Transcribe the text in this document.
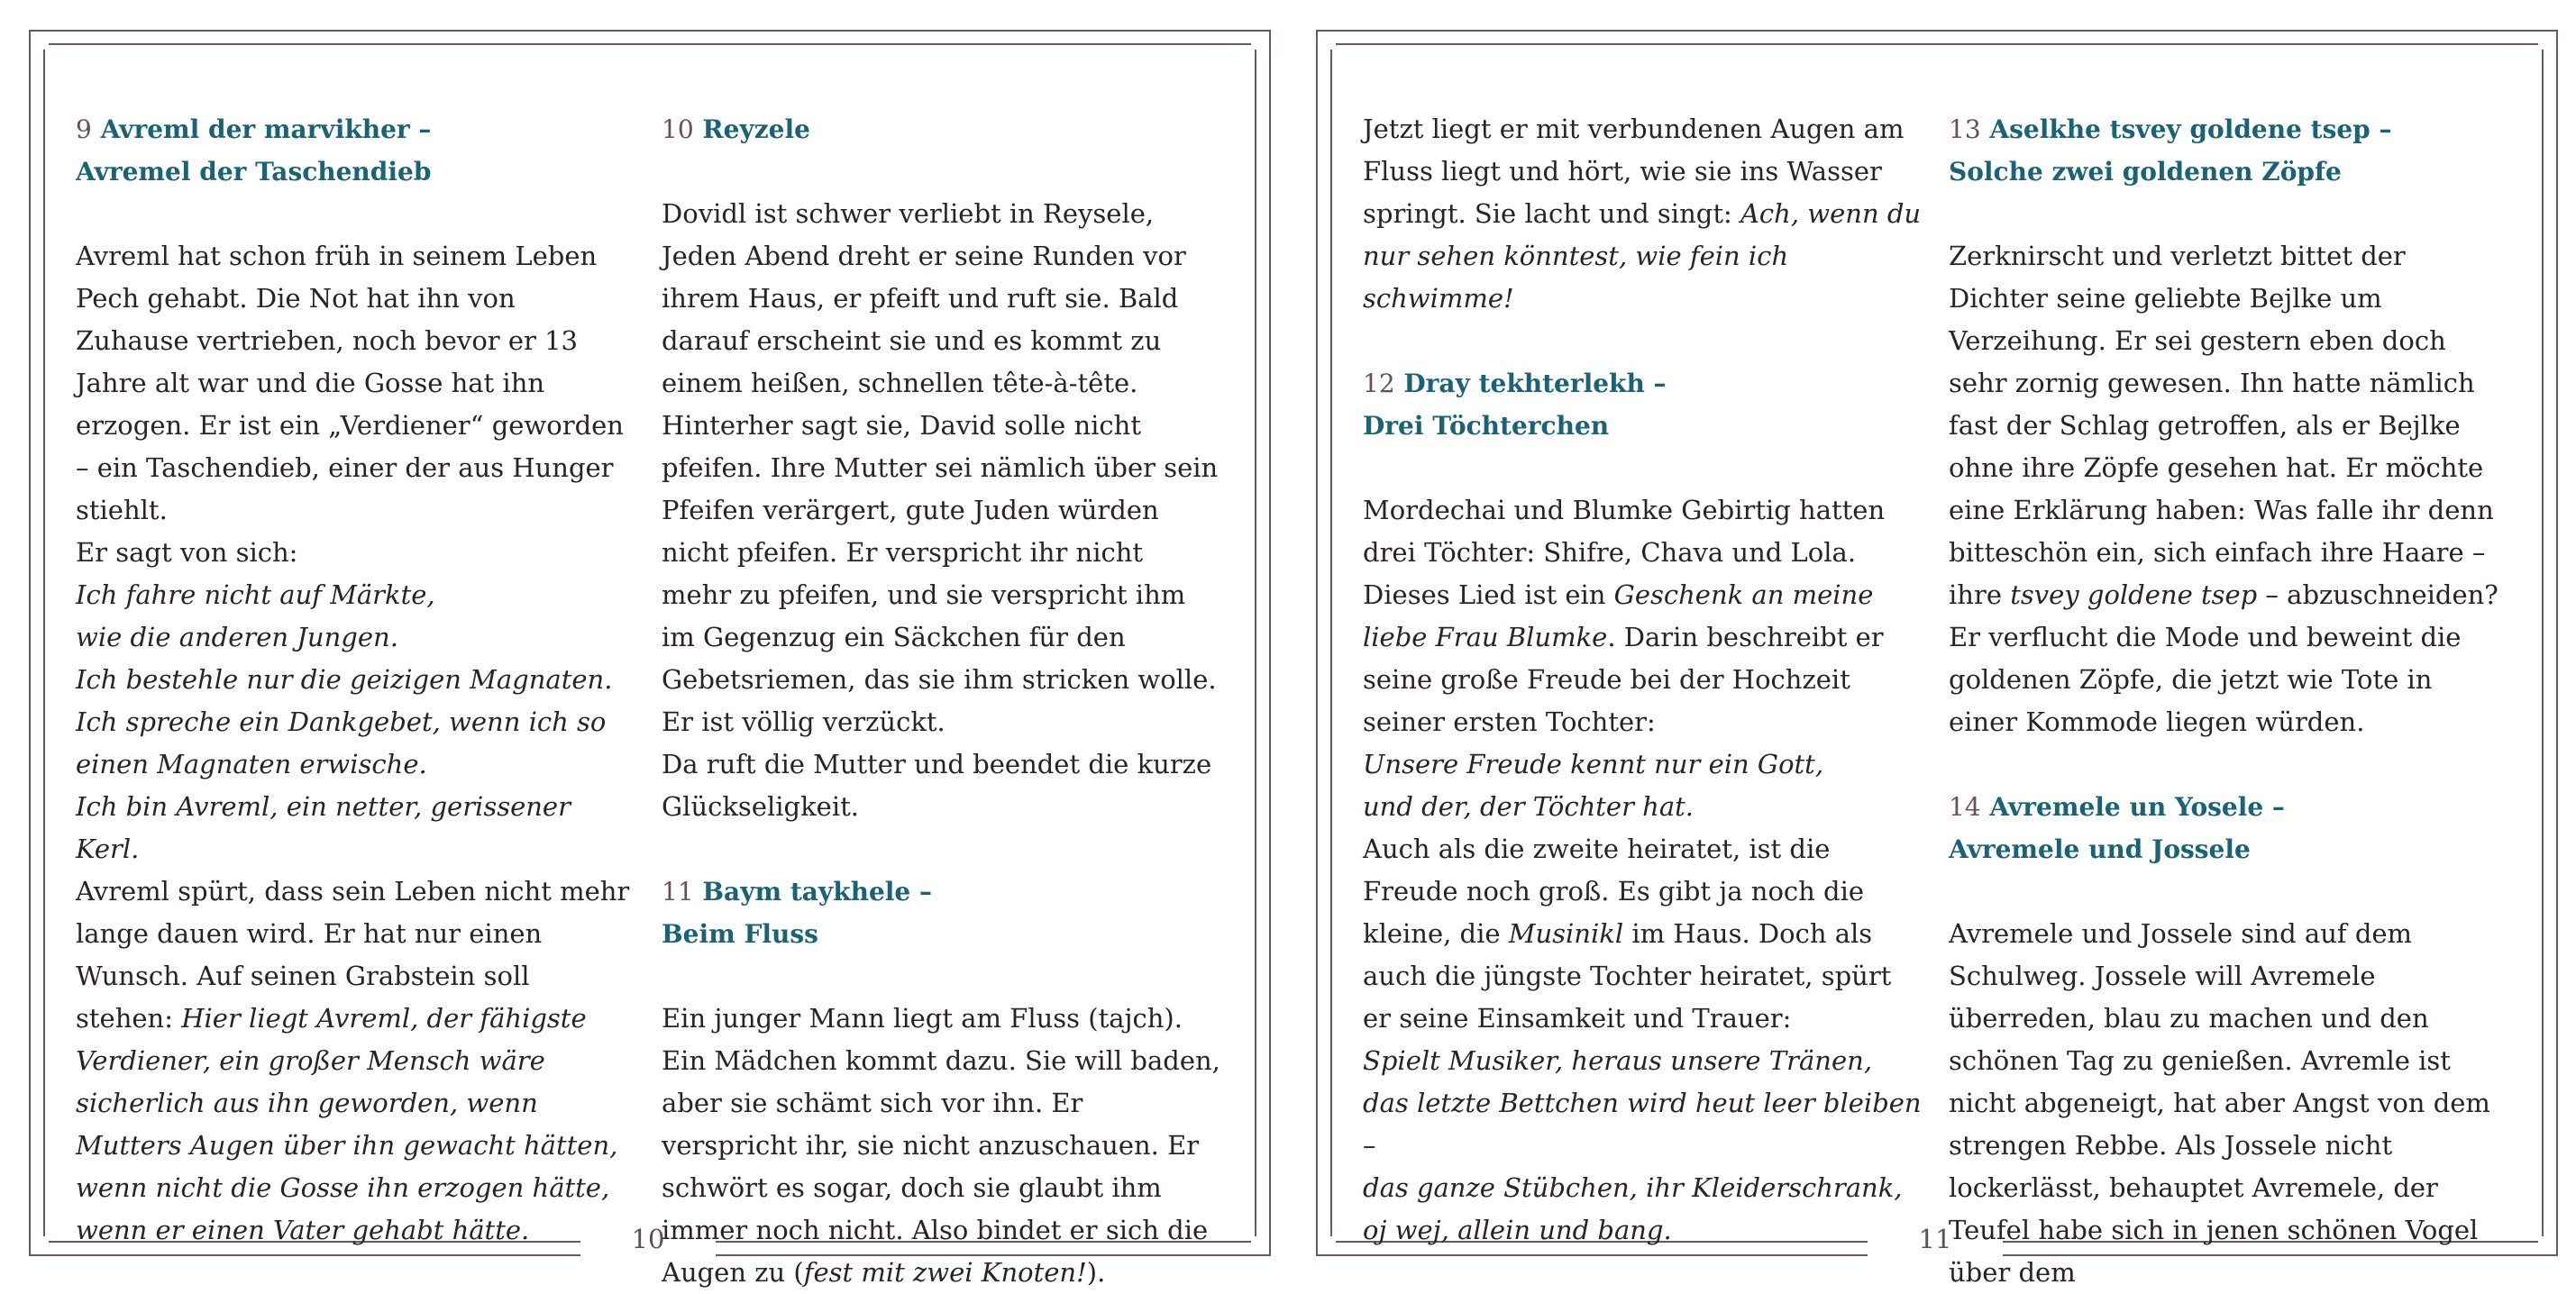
10

9 Avreml der marvikher –

Avremel der Taschendieb

Avreml hat schon früh in seinem Leben Pech gehabt. Die Not hat ihn von Zuhause vertrieben, noch bevor er 13 Jahre alt war und die Gosse hat ihn erzogen. Er ist ein „Verdiener“ geworden – ein Taschendieb, einer der aus Hunger stiehlt.

Er sagt von sich:

Ich fahre nicht auf Märkte,

wie die anderen Jungen.

Ich bestehle nur die geizigen Magnaten.

Ich spreche ein Dankgebet, wenn ich so einen Magnaten erwische.

Ich bin Avreml, ein netter, gerissener Kerl.

Avreml spürt, dass sein Leben nicht mehr lange dauen wird. Er hat nur einen Wunsch. Auf seinen Grabstein soll stehen: Hier liegt Avreml, der fähigste Verdiener, ein großer Mensch wäre sicherlich aus ihn geworden, wenn Mutters Augen über ihn gewacht hätten, wenn nicht die Gosse ihn erzogen hätte, wenn er einen Vater gehabt hätte.

10 Reyzele

Dovidl ist schwer verliebt in Reysele, Jeden Abend dreht er seine Runden vor ihrem Haus, er pfeift und ruft sie. Bald darauf erscheint sie und es kommt zu einem heißen, schnellen tête-à-tête. Hinterher sagt sie, David solle nicht pfeifen. Ihre Mutter sei nämlich über sein Pfeifen verärgert, gute Juden würden nicht pfeifen. Er verspricht ihr nicht mehr zu pfeifen, und sie verspricht ihm im Gegenzug ein Säckchen für den Gebetsriemen, das sie ihm stricken wolle. Er ist völlig verzückt.

Da ruft die Mutter und beendet die kurze Glückseligkeit.

11 Baym taykhele –

Beim Fluss

Ein junger Mann liegt am Fluss (tajch). Ein Mädchen kommt dazu. Sie will baden, aber sie schämt sich vor ihn. Er verspricht ihr, sie nicht anzuschauen. Er schwört es sogar, doch sie glaubt ihm immer noch nicht. Also bindet er sich die Augen zu (fest mit zwei Knoten!).

11

Jetzt liegt er mit verbundenen Augen am Fluss liegt und hört, wie sie ins Wasser springt. Sie lacht und singt: Ach, wenn du nur sehen könntest, wie fein ich schwimme!

12 Dray tekhterlekh –

Drei Töchterchen

Mordechai und Blumke Gebirtig hatten drei Töchter: Shifre, Chava und Lola. Dieses Lied ist ein Geschenk an meine liebe Frau Blumke. Darin beschreibt er seine große Freude bei der Hochzeit seiner ersten Tochter:

Unsere Freude kennt nur ein Gott,

und der, der Töchter hat.

Auch als die zweite heiratet, ist die Freude noch groß. Es gibt ja noch die kleine, die Musinikl im Haus. Doch als auch die jüngste Tochter heiratet, spürt er seine Einsamkeit und Trauer:

Spielt Musiker, heraus unsere Tränen,

das letzte Bettchen wird heut leer bleiben –

das ganze Stübchen, ihr Kleiderschrank,

oj wej, allein und bang.

13 Aselkhe tsvey goldene tsep –

Solche zwei goldenen Zöpfe

Zerknirscht und verletzt bittet der Dichter seine geliebte Bejlke um Verzeihung. Er sei gestern eben doch sehr zornig gewesen. Ihn hatte nämlich fast der Schlag getroffen, als er Bejlke ohne ihre Zöpfe gesehen hat. Er möchte eine Erklärung haben: Was falle ihr denn bitteschön ein, sich einfach ihre Haare – ihre tsvey goldene tsep – abzuschneiden? Er verflucht die Mode und beweint die goldenen Zöpfe, die jetzt wie Tote in einer Kommode liegen würden.

14 Avremele un Yosele –

Avremele und Jossele

Avremele und Jossele sind auf dem Schulweg. Jossele will Avremele überreden, blau zu machen und den schönen Tag zu genießen. Avremle ist nicht abgeneigt, hat aber Angst von dem strengen Rebbe. Als Jossele nicht lockerlässt, behauptet Avremele, der Teufel habe sich in jenen schönen Vogel über dem
